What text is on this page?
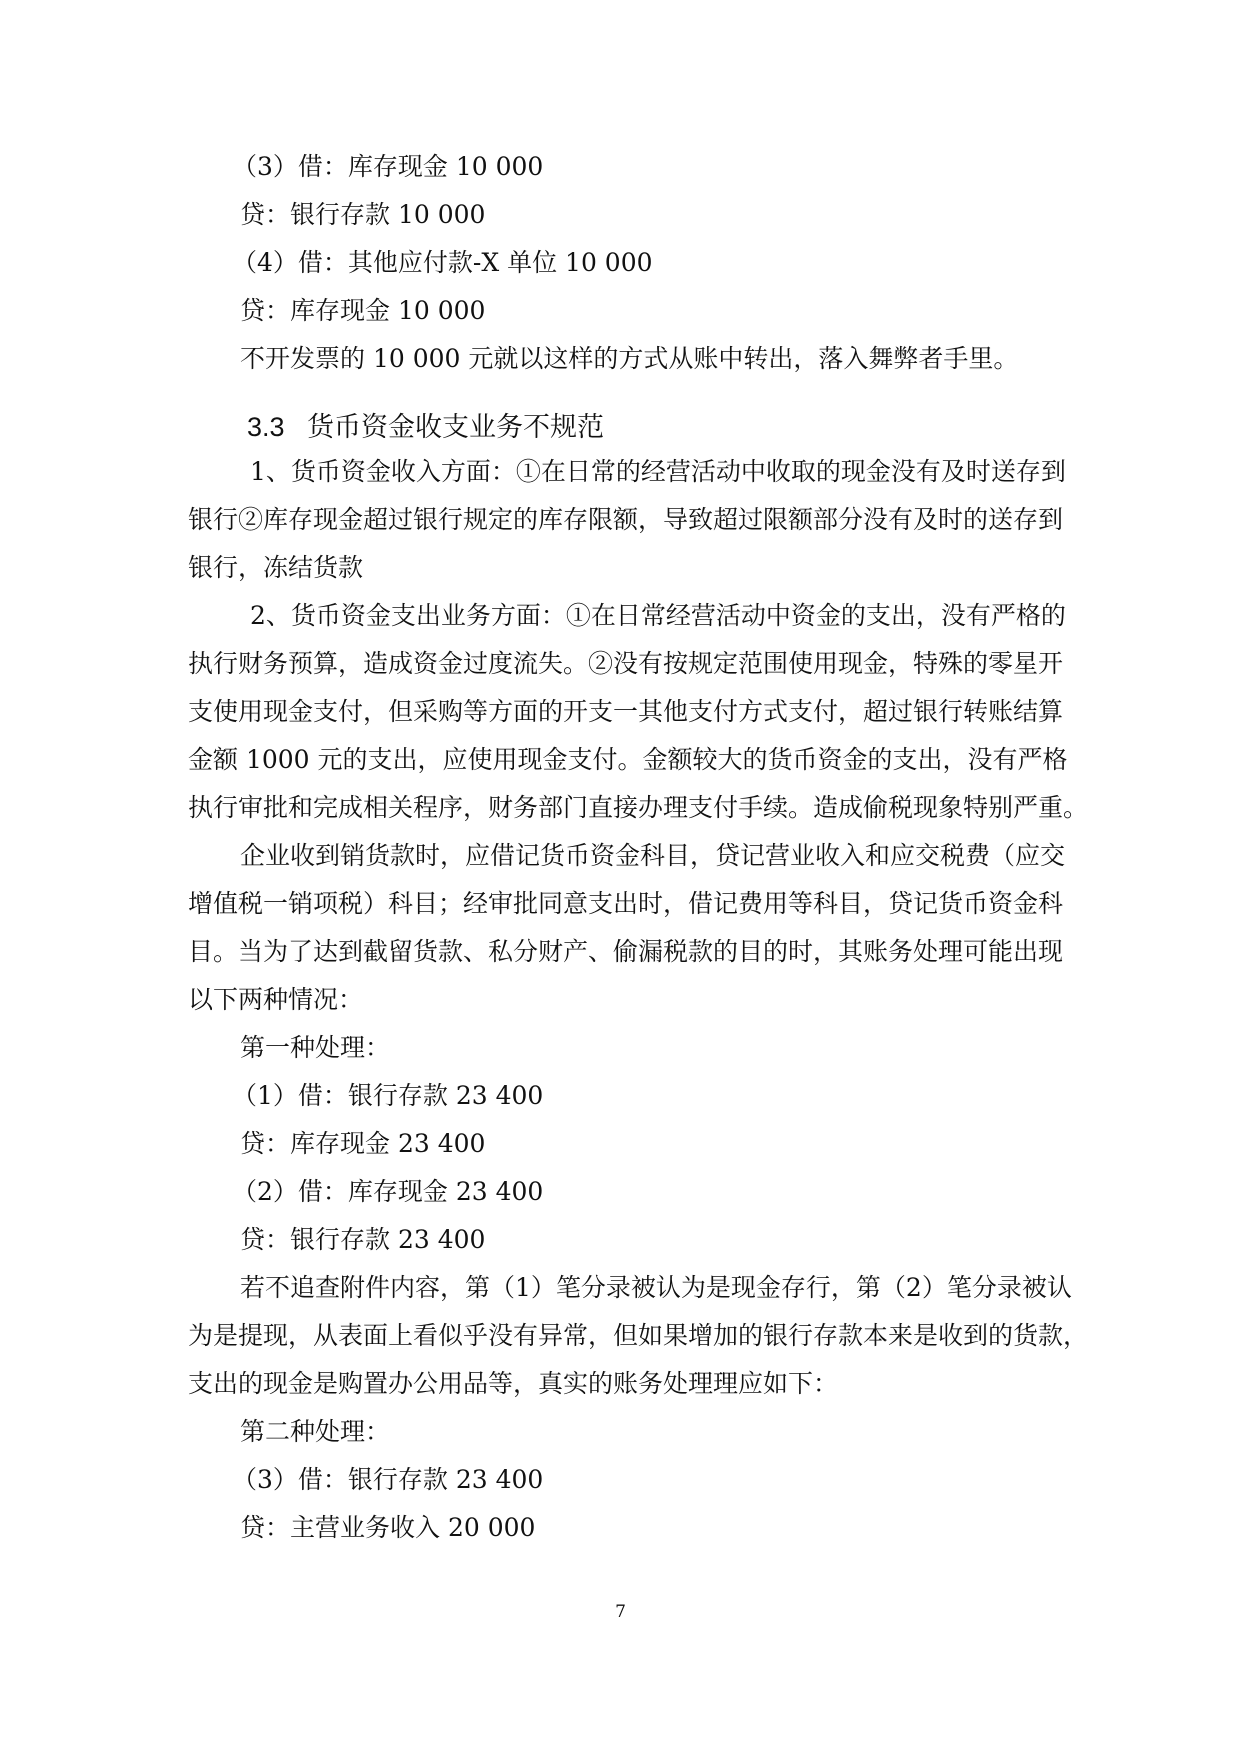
（3）借：库存现金 10 000
贷：银行存款 10 000
（4）借：其他应付款-X 单位 10 000
贷：库存现金 10 000
不开发票的 10 000 元就以这样的方式从账中转出，落入舞弊者手里。
3.3 货币资金收支业务不规范
1、货币资金收入方面：①在日常的经营活动中收取的现金没有及时送存到
银行②库存现金超过银行规定的库存限额，导致超过限额部分没有及时的送存到
银行，冻结货款
2、货币资金支出业务方面：①在日常经营活动中资金的支出，没有严格的
执行财务预算，造成资金过度流失。②没有按规定范围使用现金，特殊的零星开
支使用现金支付，但采购等方面的开支一其他支付方式支付，超过银行转账结算
金额 1000 元的支出，应使用现金支付。金额较大的货币资金的支出，没有严格
执行审批和完成相关程序，财务部门直接办理支付手续。造成偷税现象特别严重。
企业收到销货款时，应借记货币资金科目，贷记营业收入和应交税费（应交
增值税一销项税）科目；经审批同意支出时，借记费用等科目，贷记货币资金科
目。当为了达到截留货款、私分财产、偷漏税款的目的时，其账务处理可能出现
以下两种情况：
第一种处理：
（1）借：银行存款 23 400
贷：库存现金 23 400
（2）借：库存现金 23 400
贷：银行存款 23 400
若不追查附件内容，第（1）笔分录被认为是现金存行，第（2）笔分录被认
为是提现，从表面上看似乎没有异常，但如果增加的银行存款本来是收到的货款，
支出的现金是购置办公用品等，真实的账务处理理应如下：
第二种处理：
（3）借：银行存款 23 400
贷：主营业务收入 20 000
7
